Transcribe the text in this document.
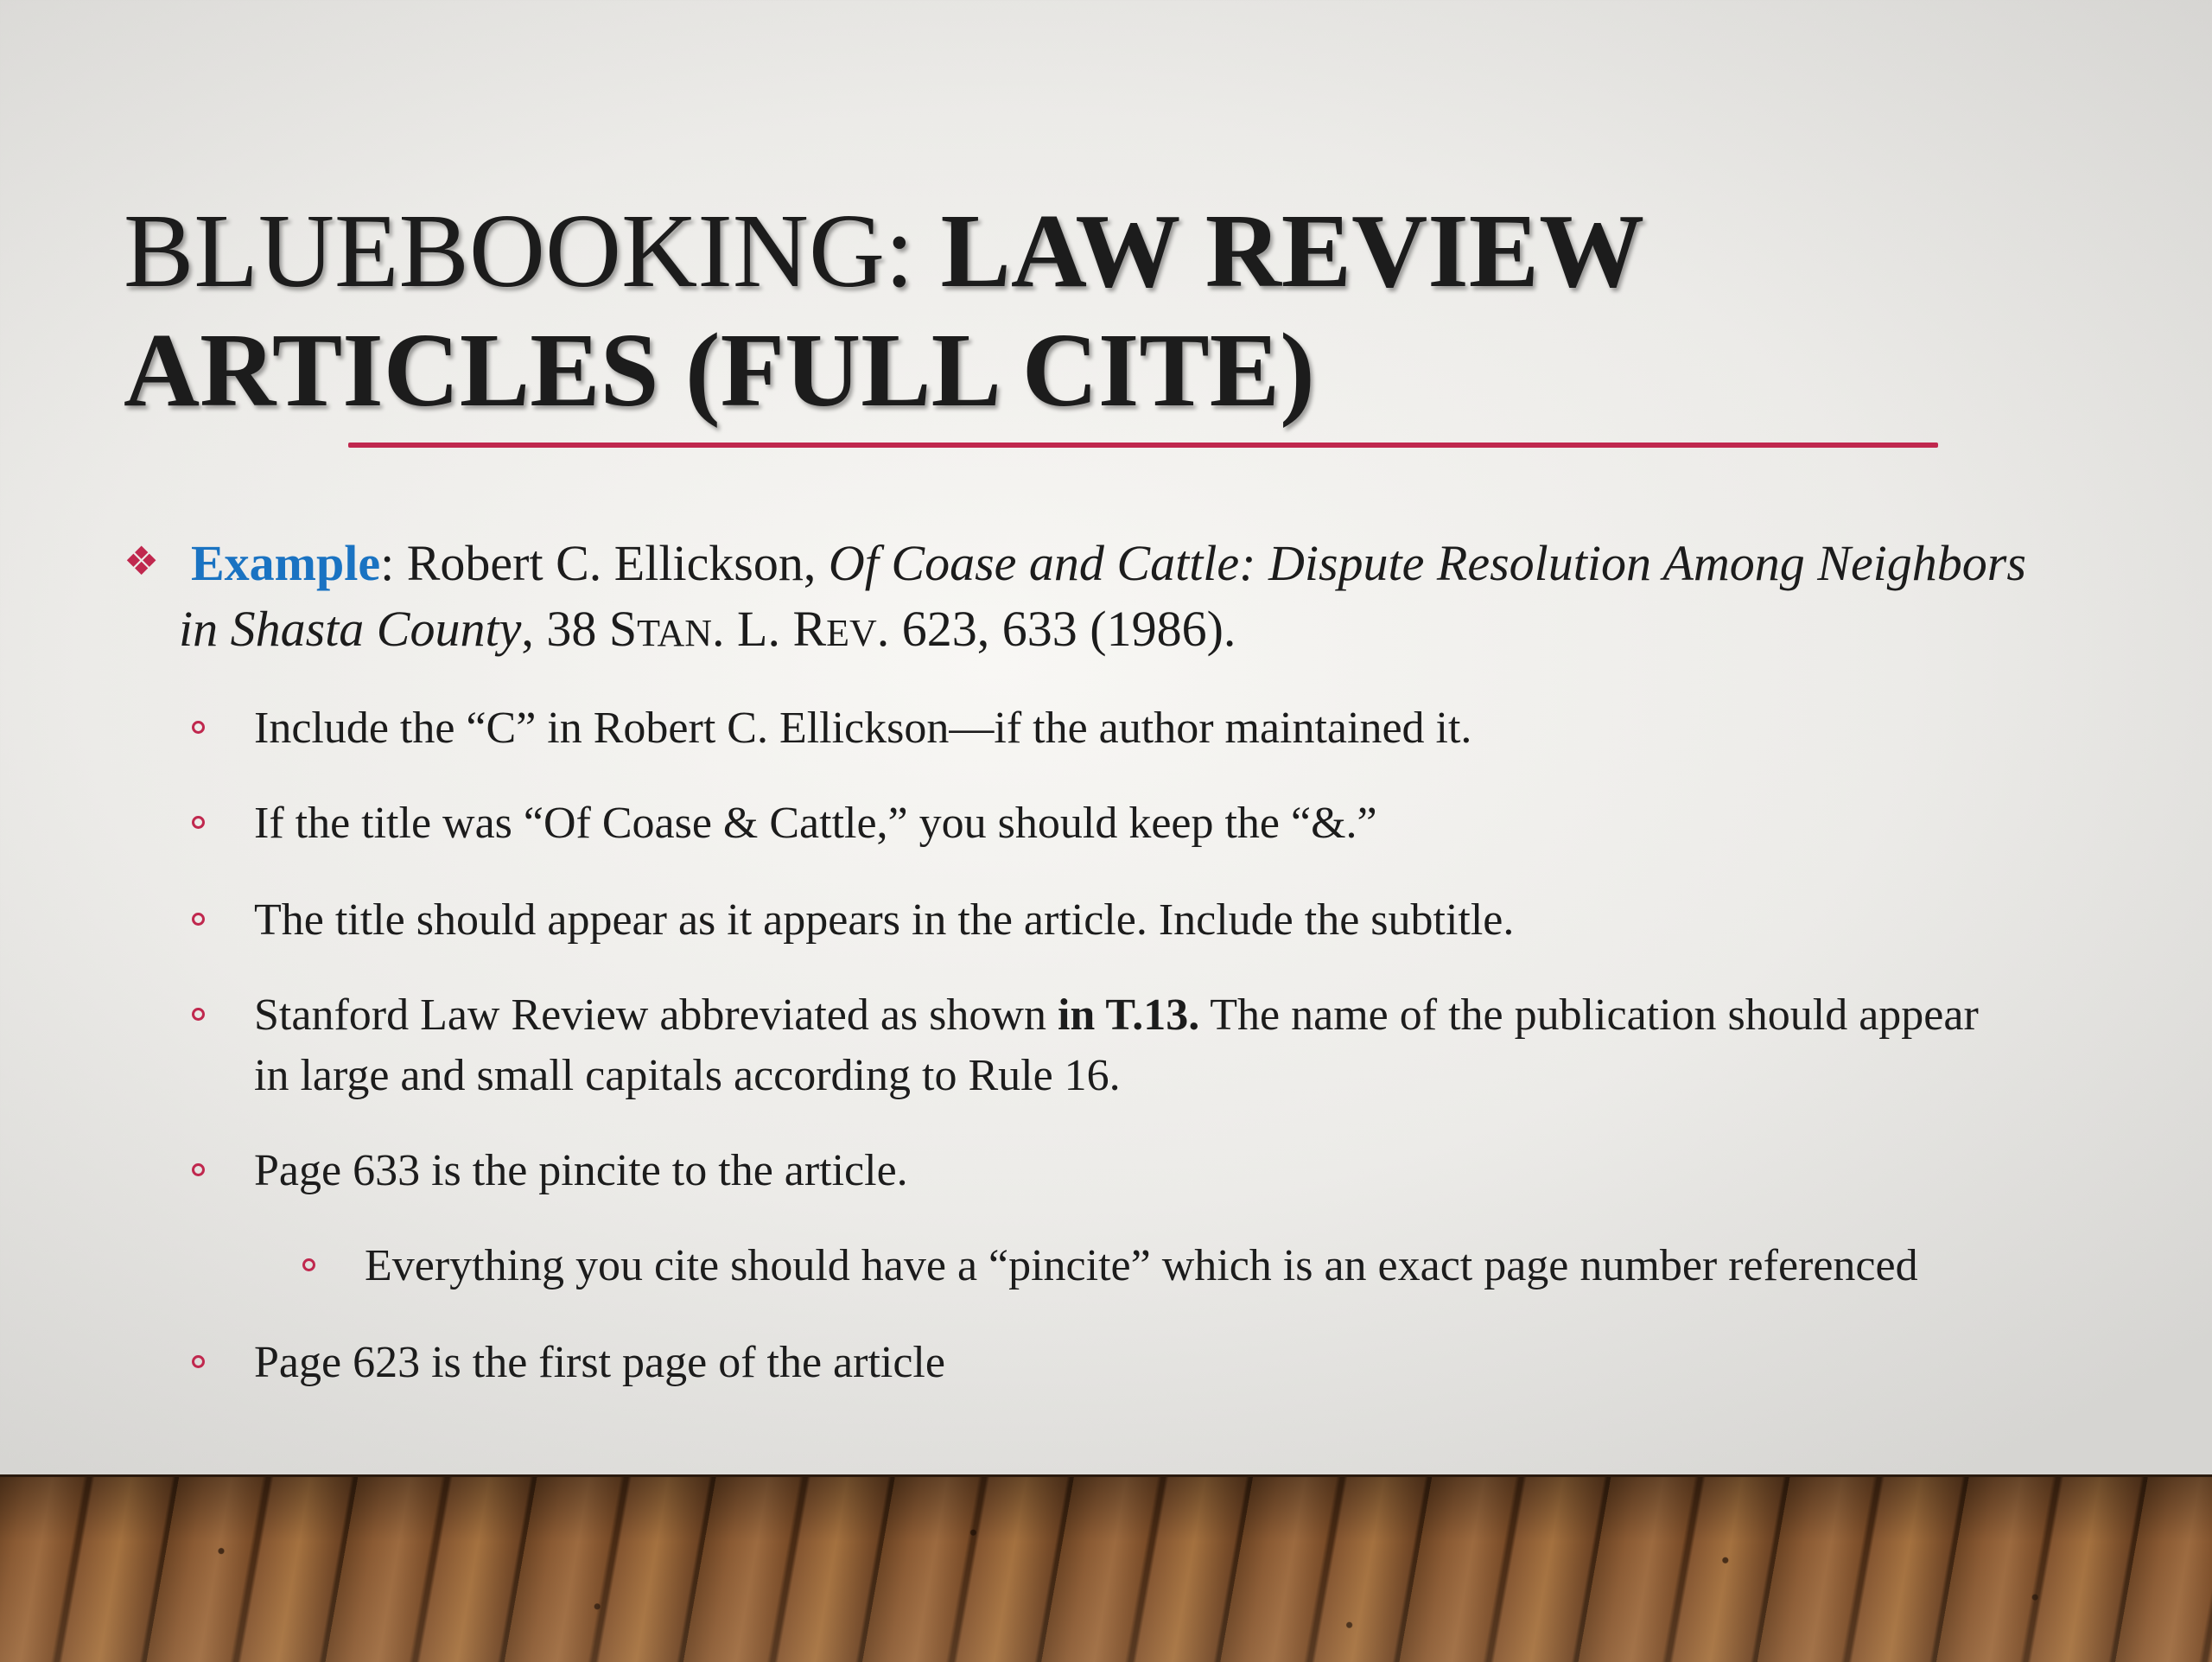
BLUEBOOKING: LAW REVIEW
ARTICLES (FULL CITE)
❖ Example: Robert C. Ellickson, Of Coase and Cattle: Dispute Resolution Among Neighbors
in Shasta County, 38 STAN. L. REV. 623, 633 (1986).
Include the “C” in Robert C. Ellickson—if the author maintained it.
If the title was “Of Coase & Cattle,” you should keep the “&.”
The title should appear as it appears in the article. Include the subtitle.
Stanford Law Review abbreviated as shown in T.13. The name of the publication should appear in large and small capitals according to Rule 16.
Page 633 is the pincite to the article.
Everything you cite should have a “pincite” which is an exact page number referenced
Page 623 is the first page of the article
